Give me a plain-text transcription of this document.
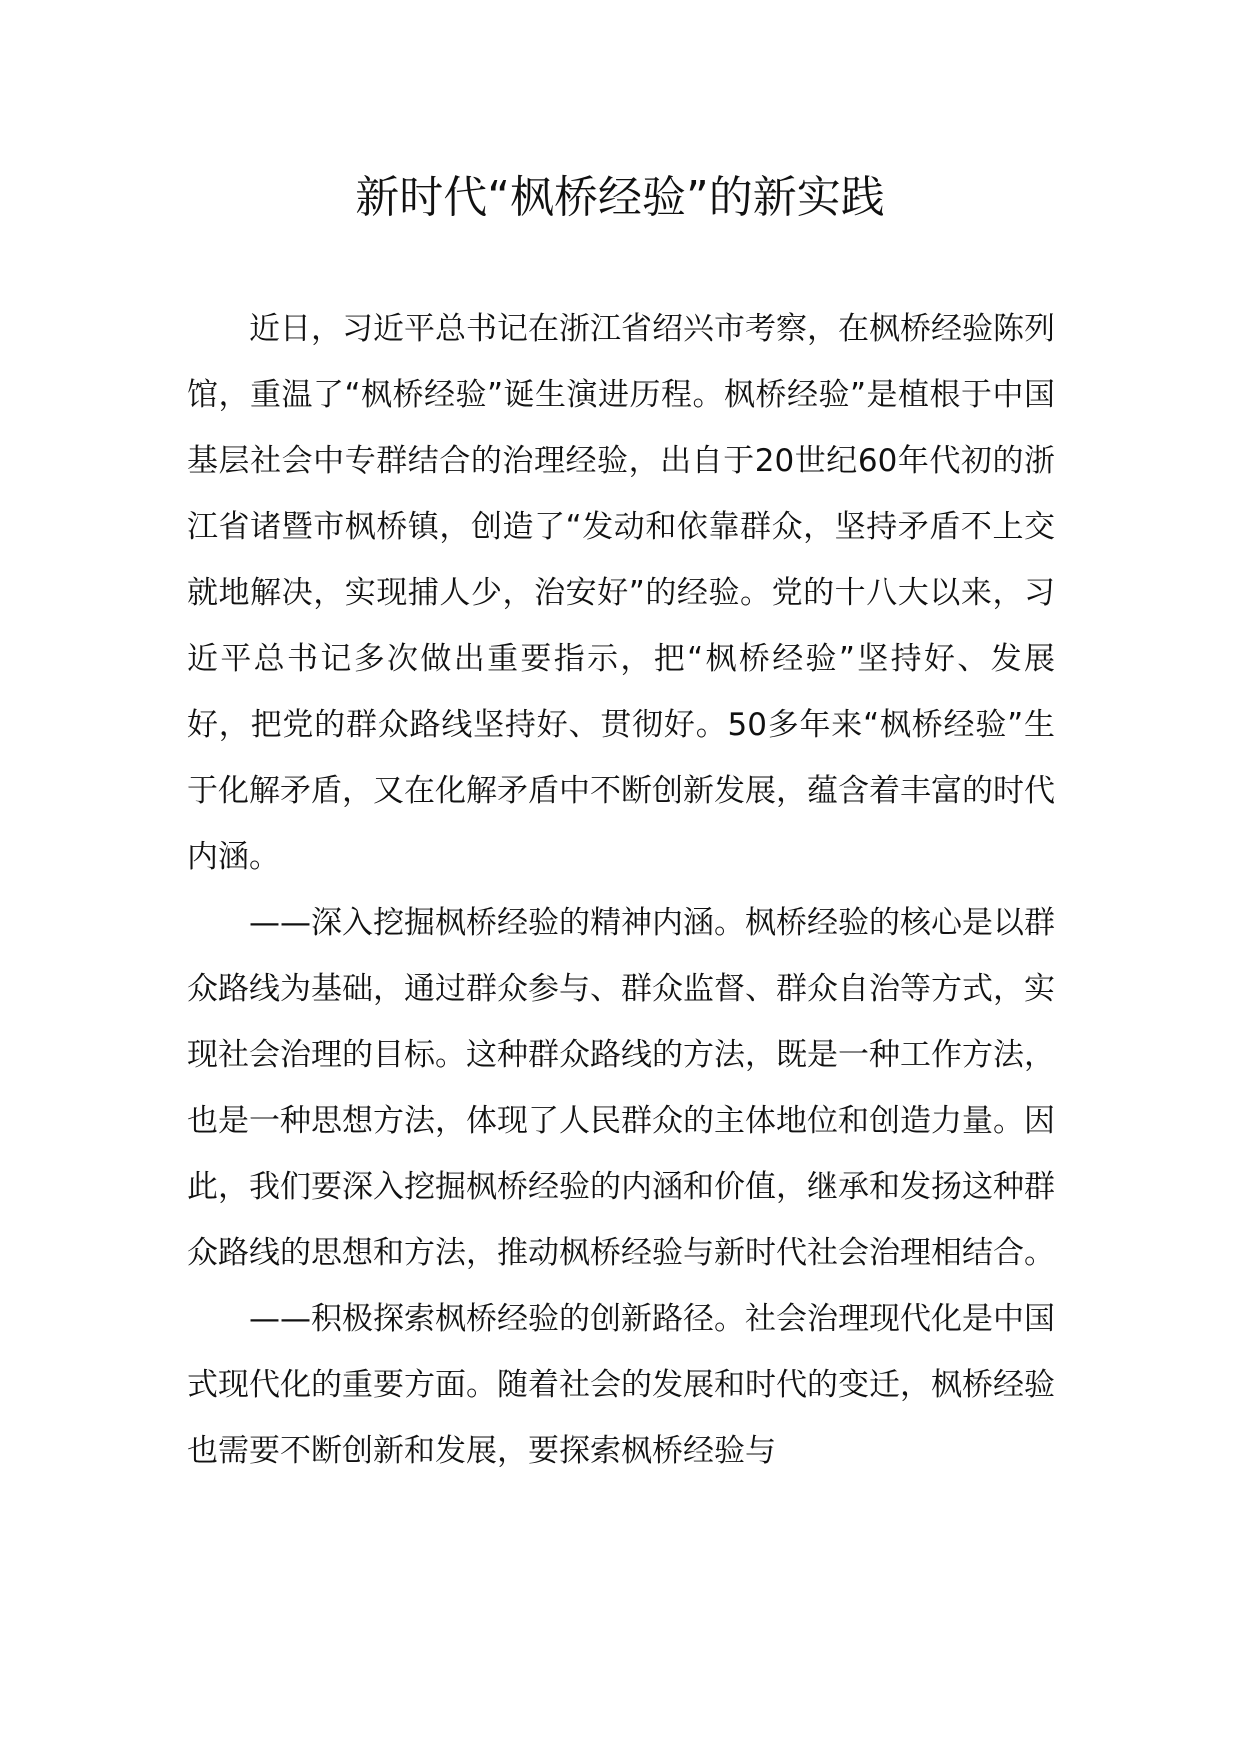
新时代“枫桥经验”的新实践

近日，习近平总书记在浙江省绍兴市考察，在枫桥经验陈列馆，重温了“枫桥经验”诞生演进历程。枫桥经验”是植根于中国基层社会中专群结合的治理经验，出自于20世纪60年代初的浙江省诸暨市枫桥镇，创造了“发动和依靠群众，坚持矛盾不上交就地解决，实现捕人少，治安好”的经验。党的十八大以来，习近平总书记多次做出重要指示，把“枫桥经验”坚持好、发展好，把党的群众路线坚持好、贯彻好。50多年来“枫桥经验”生于化解矛盾，又在化解矛盾中不断创新发展，蕴含着丰富的时代内涵。

——深入挖掘枫桥经验的精神内涵。枫桥经验的核心是以群众路线为基础，通过群众参与、群众监督、群众自治等方式，实现社会治理的目标。这种群众路线的方法，既是一种工作方法，也是一种思想方法，体现了人民群众的主体地位和创造力量。因此，我们要深入挖掘枫桥经验的内涵和价值，继承和发扬这种群众路线的思想和方法，推动枫桥经验与新时代社会治理相结合。

——积极探索枫桥经验的创新路径。社会治理现代化是中国式现代化的重要方面。随着社会的发展和时代的变迁，枫桥经验也需要不断创新和发展，要探索枫桥经验与
